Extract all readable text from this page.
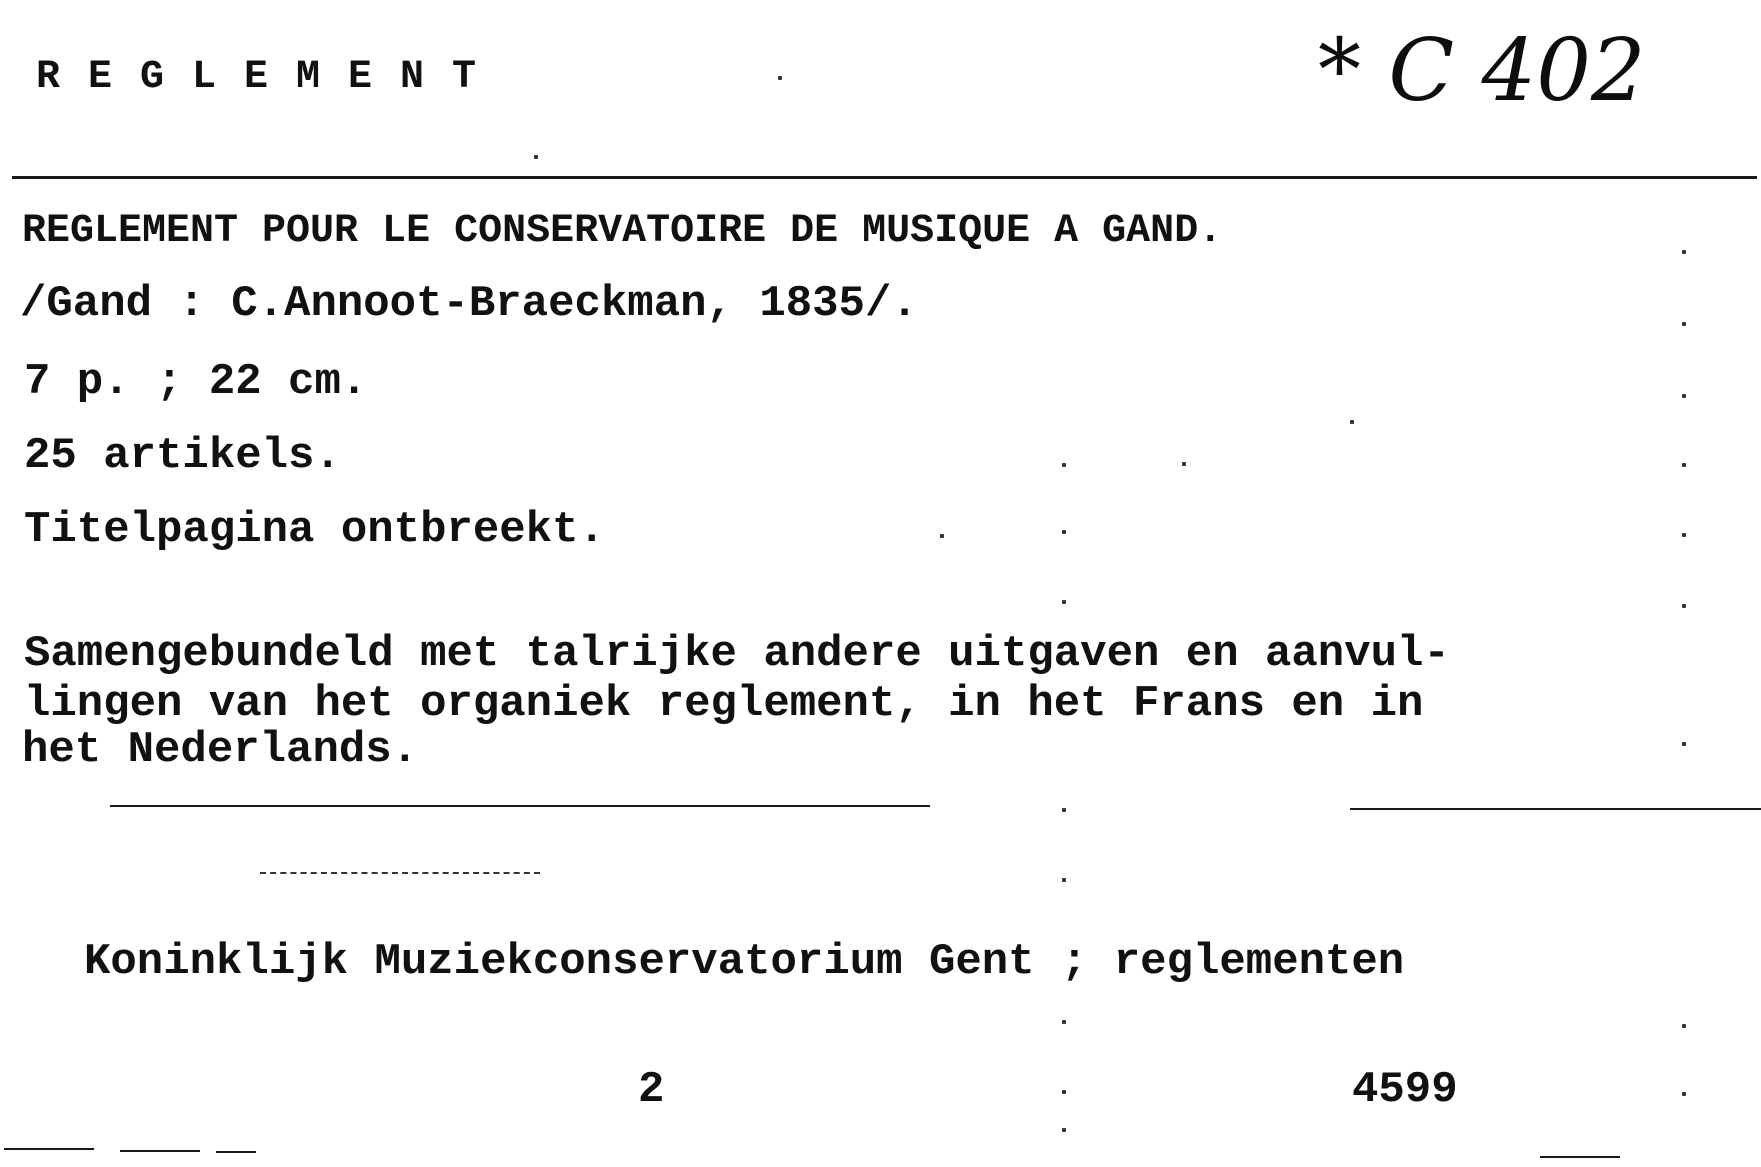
REGLEMENT	* C 402
REGLEMENT POUR LE CONSERVATOIRE DE MUSIQUE A GAND.
/Gand : C.Annoot-Braeckman, 1835/.
7 p. ; 22 cm.
25 artikels.
Titelpagina ontbreekt.
Samengebundeld met talrijke andere uitgaven en aanvul-
lingen van het organiek reglement, in het Frans en in
het Nederlands.
Koninklijk Muziekconservatorium Gent ; reglementen
2	4599
